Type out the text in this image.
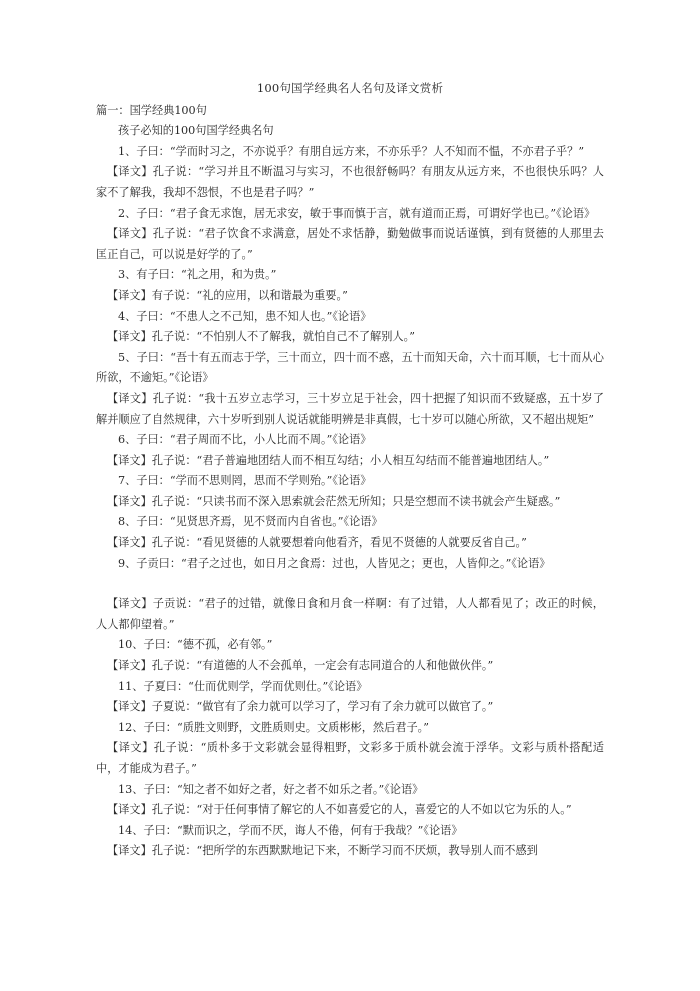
100句国学经典名人名句及译文赏析

篇一：国学经典100句

孩子必知的100句国学经典名句

1、子曰：“学而时习之，不亦说乎？有朋自远方来，不亦乐乎？人不知而不愠，不亦君子乎？”

【译文】孔子说：“学习并且不断温习与实习，不也很舒畅吗？有朋友从远方来，不也很快乐吗？人家不了解我，我却不怨恨，不也是君子吗？”

2、子曰：“君子食无求饱，居无求安，敏于事而慎于言，就有道而正焉，可谓好学也已。”《论语》

【译文】孔子说：“君子饮食不求满意，居处不求恬静，勤勉做事而说话谨慎，到有贤德的人那里去匡正自己，可以说是好学的了。”

3、有子曰：“礼之用，和为贵。”

【译文】有子说：“礼的应用，以和谐最为重要。”

4、子曰：“不患人之不己知，患不知人也。”《论语》

【译文】孔子说：“不怕别人不了解我，就怕自己不了解别人。”

5、子曰：“吾十有五而志于学，三十而立，四十而不惑，五十而知天命，六十而耳顺，七十而从心所欲，不逾矩。”《论语》

【译文】孔子说：“我十五岁立志学习，三十岁立足于社会，四十把握了知识而不致疑惑，五十岁了解并顺应了自然规律，六十岁听到别人说话就能明辨是非真假，七十岁可以随心所欲，又不超出规矩”

6、子曰：“君子周而不比，小人比而不周。”《论语》

【译文】孔子说：“君子普遍地团结人而不相互勾结；小人相互勾结而不能普遍地团结人。”

7、子曰：“学而不思则罔，思而不学则殆。”《论语》

【译文】孔子说：“只读书而不深入思索就会茫然无所知；只是空想而不读书就会产生疑惑。”

8、子曰：“见贤思齐焉，见不贤而内自省也。”《论语》

【译文】孔子说：“看见贤德的人就要想着向他看齐，看见不贤德的人就要反省自己。”

9、子贡曰：“君子之过也，如日月之食焉：过也，人皆见之；更也，人皆仰之。”《论语》

【译文】子贡说：“君子的过错，就像日食和月食一样啊：有了过错，人人都看见了；改正的时候，人人都仰望着。”

10、子曰：“德不孤，必有邻。”

【译文】孔子说：“有道德的人不会孤单，一定会有志同道合的人和他做伙伴。”

11、子夏曰：“仕而优则学，学而优则仕。”《论语》

【译文】子夏说：“做官有了余力就可以学习了，学习有了余力就可以做官了。”

12、子曰：“质胜文则野，文胜质则史。文质彬彬，然后君子。”

【译文】孔子说：“质朴多于文彩就会显得粗野，文彩多于质朴就会流于浮华。文彩与质朴搭配适中，才能成为君子。”

13、子曰：“知之者不如好之者，好之者不如乐之者。”《论语》

【译文】孔子说：“对于任何事情了解它的人不如喜爱它的人，喜爱它的人不如以它为乐的人。”

14、子曰：“默而识之，学而不厌，诲人不倦，何有于我哉？”《论语》

【译文】孔子说：“把所学的东西默默地记下来，不断学习而不厌烦，教导别人而不感到
